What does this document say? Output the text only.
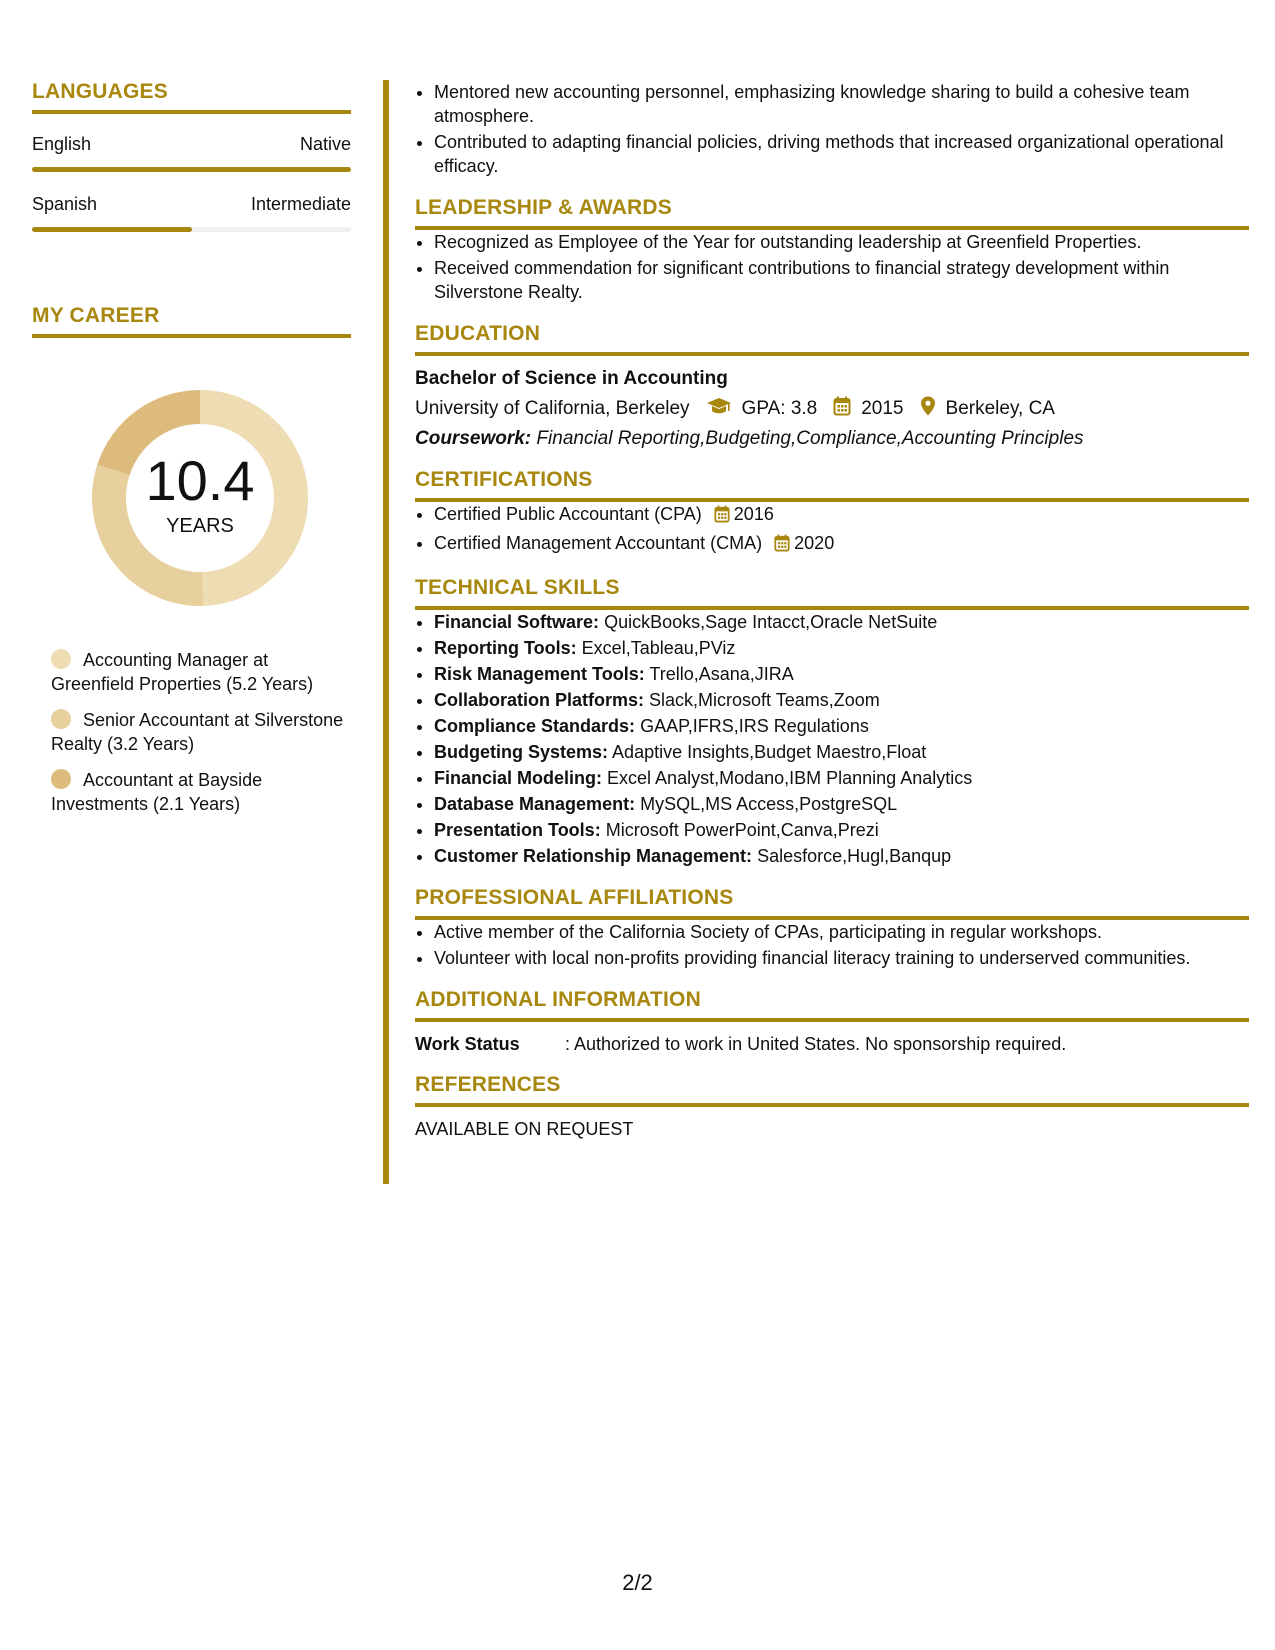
LANGUAGES
English	Native
Spanish	Intermediate
MY CAREER
10.4
YEARS
Accounting Manager at Greenfield Properties (5.2 Years)
Senior Accountant at Silverstone Realty (3.2 Years)
Accountant at Bayside Investments (2.1 Years)
• Mentored new accounting personnel, emphasizing knowledge sharing to build a cohesive team atmosphere.
• Contributed to adapting financial policies, driving methods that increased organizational operational efficacy.
LEADERSHIP & AWARDS
• Recognized as Employee of the Year for outstanding leadership at Greenfield Properties.
• Received commendation for significant contributions to financial strategy development within Silverstone Realty.
EDUCATION
Bachelor of Science in Accounting
University of California, Berkeley	GPA: 3.8 2015 Berkeley, CA
Coursework: Financial Reporting,Budgeting,Compliance,Accounting Principles
CERTIFICATIONS
• Certified Public Accountant (CPA) 2016
• Certified Management Accountant (CMA) 2020
TECHNICAL SKILLS
• Financial Software: QuickBooks,Sage Intacct,Oracle NetSuite
• Reporting Tools: Excel,Tableau,PViz
• Risk Management Tools: Trello,Asana,JIRA
• Collaboration Platforms: Slack,Microsoft Teams,Zoom
• Compliance Standards: GAAP,IFRS,IRS Regulations
• Budgeting Systems: Adaptive Insights,Budget Maestro,Float
• Financial Modeling: Excel Analyst,Modano,IBM Planning Analytics
• Database Management: MySQL,MS Access,PostgreSQL
• Presentation Tools: Microsoft PowerPoint,Canva,Prezi
• Customer Relationship Management: Salesforce,Hugl,Banqup
PROFESSIONAL AFFILIATIONS
• Active member of the California Society of CPAs, participating in regular workshops.
• Volunteer with local non-profits providing financial literacy training to underserved communities.
ADDITIONAL INFORMATION
Work Status	: Authorized to work in United States. No sponsorship required.
REFERENCES
AVAILABLE ON REQUEST
2/2
